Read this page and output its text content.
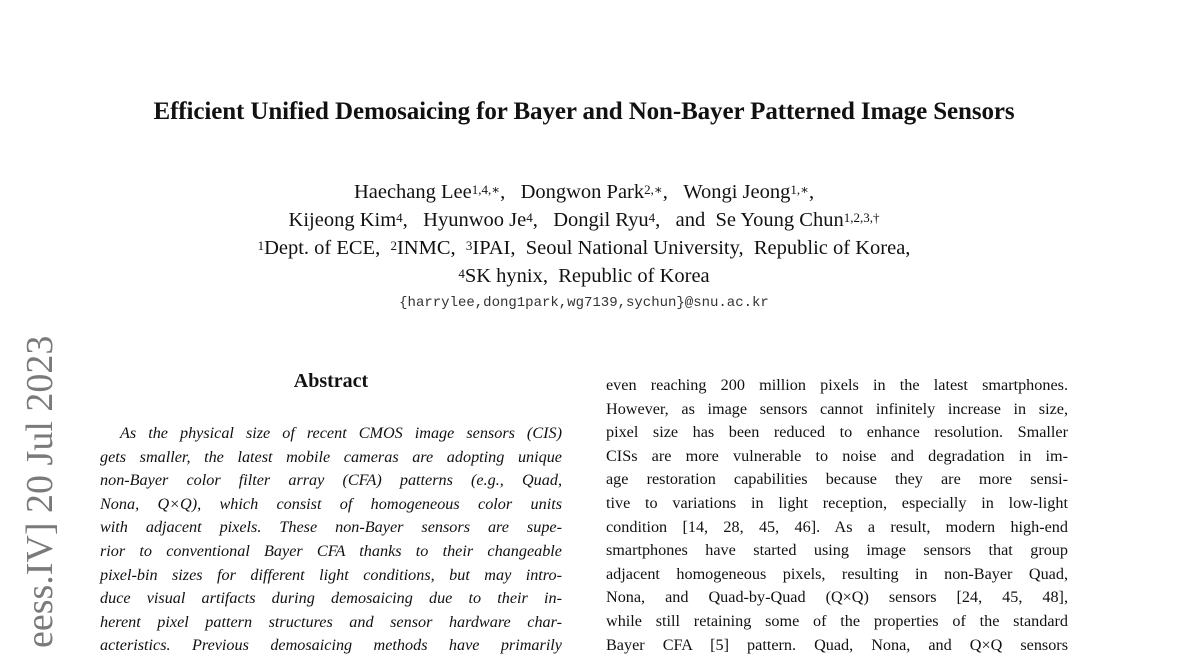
Efficient Unified Demosaicing for Bayer and Non-Bayer Patterned Image Sensors
Haechang Lee$^{1,4,∗}$,   Dongwon Park$^{2,∗}$,   Wongi Jeong$^{1,∗}$,
Kijeong Kim$^4$,   Hyunwoo Je$^4$,   Dongil Ryu$^4$,   and  Se Young Chun$^{1,2,3,\dagger}$
$^1$Dept. of ECE, $^2$INMC, $^3$IPAI, Seoul National University, Republic of Korea,
$^4$SK hynix, Republic of Korea
{harrylee,dong1park,wg7139,sychun}@snu.ac.kr
eess.IV] 20 Jul 2023	Abstract
As the physical size of recent CMOS image sensors (CIS)
gets smaller, the latest mobile cameras are adopting unique
non-Bayer color filter array (CFA) patterns (e.g., Quad,
Nona, Q×Q), which consist of homogeneous color units
with adjacent pixels. These non-Bayer sensors are supe-
rior to conventional Bayer CFA thanks to their changeable
pixel-bin sizes for different light conditions, but may intro-
duce visual artifacts during demosaicing due to their in-
herent pixel pattern structures and sensor hardware char-
acteristics. Previous demosaicing methods have primarily
even reaching 200 million pixels in the latest smartphones.
However, as image sensors cannot infinitely increase in size,
pixel size has been reduced to enhance resolution. Smaller
CISs are more vulnerable to noise and degradation in im-
age restoration capabilities because they are more sensi-
tive to variations in light reception, especially in low-light
condition [14, 28, 45, 46]. As a result, modern high-end
smartphones have started using image sensors that group
adjacent homogeneous pixels, resulting in non-Bayer Quad,
Nona, and Quad-by-Quad (Q×Q) sensors [24, 45, 48],
while still retaining some of the properties of the standard
Bayer CFA [5] pattern. Quad, Nona, and Q×Q sensors
